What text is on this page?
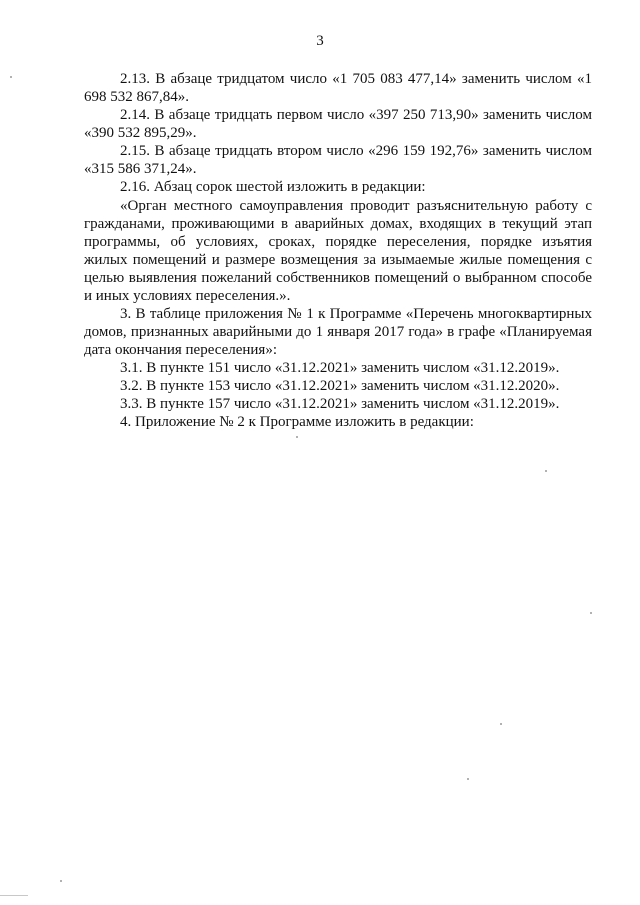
3

2.13. В абзаце тридцатом число «1 705 083 477,14» заменить числом «1 698 532 867,84».

2.14. В абзаце тридцать первом число «397 250 713,90» заменить числом «390 532 895,29».

2.15. В абзаце тридцать втором число «296 159 192,76» заменить числом «315 586 371,24».

2.16. Абзац сорок шестой изложить в редакции:

«Орган местного самоуправления проводит разъяснительную работу с гражданами, проживающими в аварийных домах, входящих в текущий этап программы, об условиях, сроках, порядке переселения, порядке изъятия жилых помещений и размере возмещения за изымаемые жилые помещения с целью выявления пожеланий собственников помещений о выбранном способе и иных условиях переселения.».

3. В таблице приложения № 1 к Программе «Перечень многоквартирных домов, признанных аварийными до 1 января 2017 года» в графе «Планируемая дата окончания переселения»:

3.1. В пункте 151 число «31.12.2021» заменить числом «31.12.2019».

3.2. В пункте 153 число «31.12.2021» заменить числом «31.12.2020».

3.3. В пункте 157 число «31.12.2021» заменить числом «31.12.2019».

4. Приложение № 2 к Программе изложить в редакции:
